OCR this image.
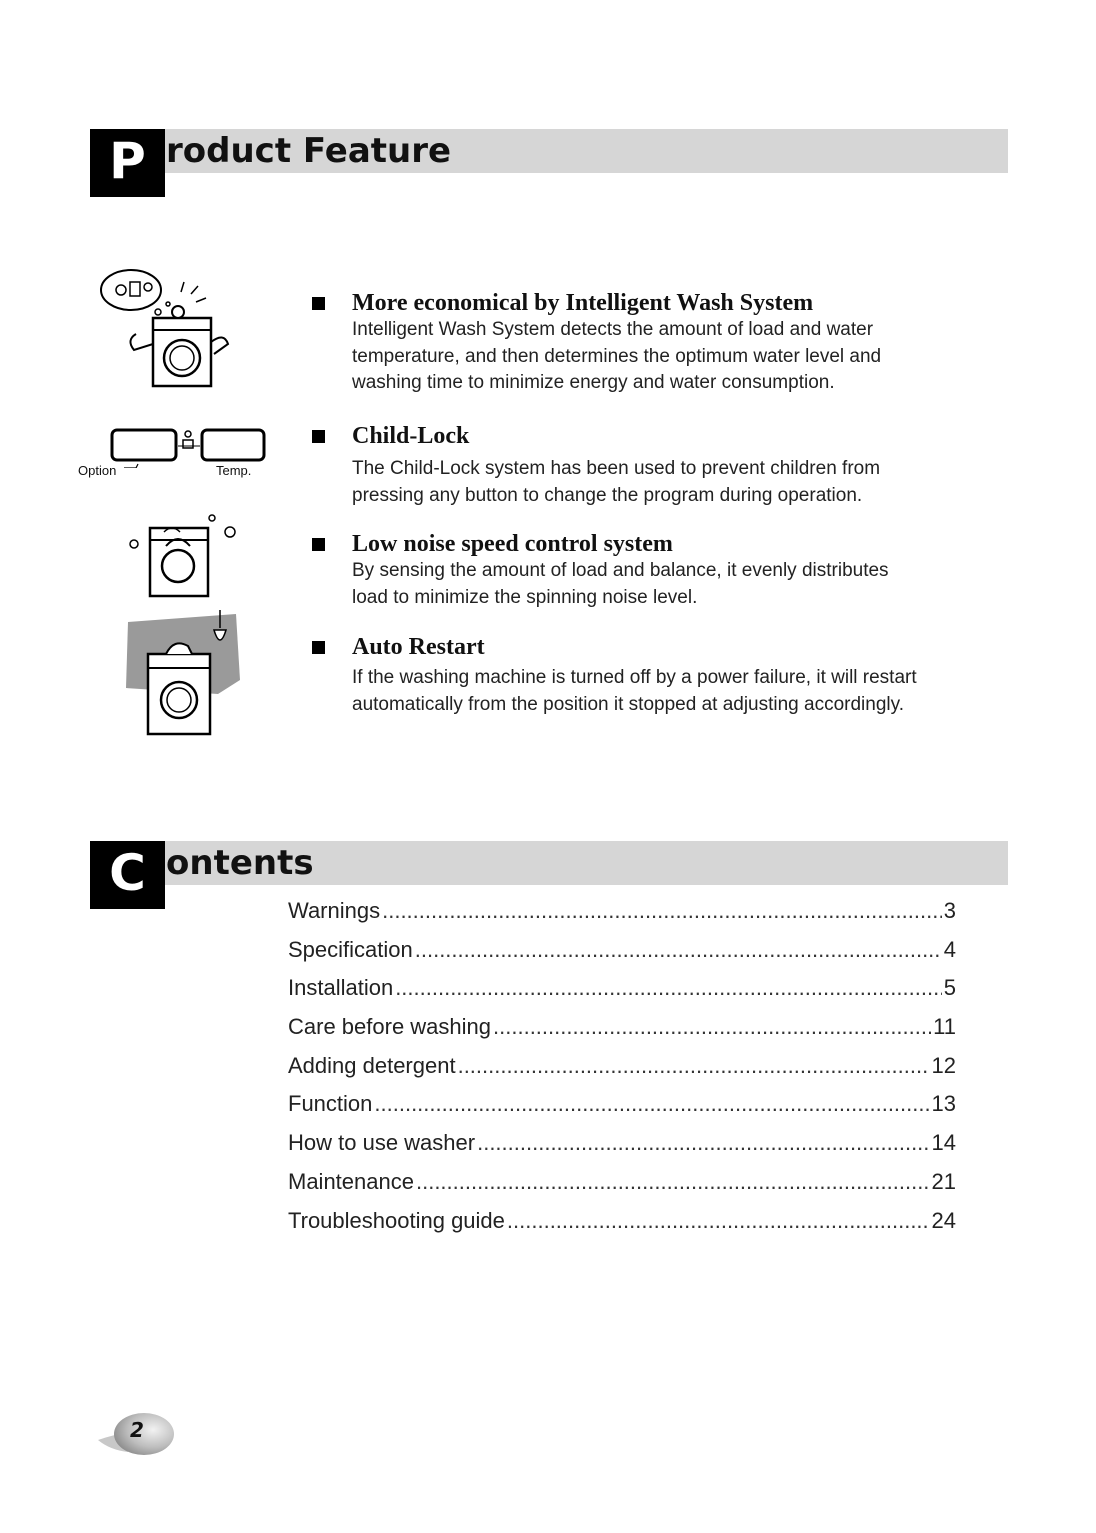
P roduct Feature
Option	Temp.
More economical by Intelligent Wash System
Intelligent Wash System detects the amount of load and water
temperature, and then determines the optimum water level and
washing time to minimize energy and water consumption.
Child-Lock
The Child-Lock system has been used to prevent children from
pressing any button to change the program during operation.
Low noise speed control system
By sensing the amount of load and balance, it evenly distributes
load to minimize the spinning noise level.
Auto Restart
If the washing machine is turned off by a power failure, it will restart
automatically from the position it stopped at adjusting accordingly.
C ontents
Warnings .....	3
Specification .....	4
Installation .....	5
Care before washing .....	11
Adding detergent .....	12
Function .....	13
How to use washer .....	14
Maintenance .....	21
Troubleshooting guide .....	24
2
